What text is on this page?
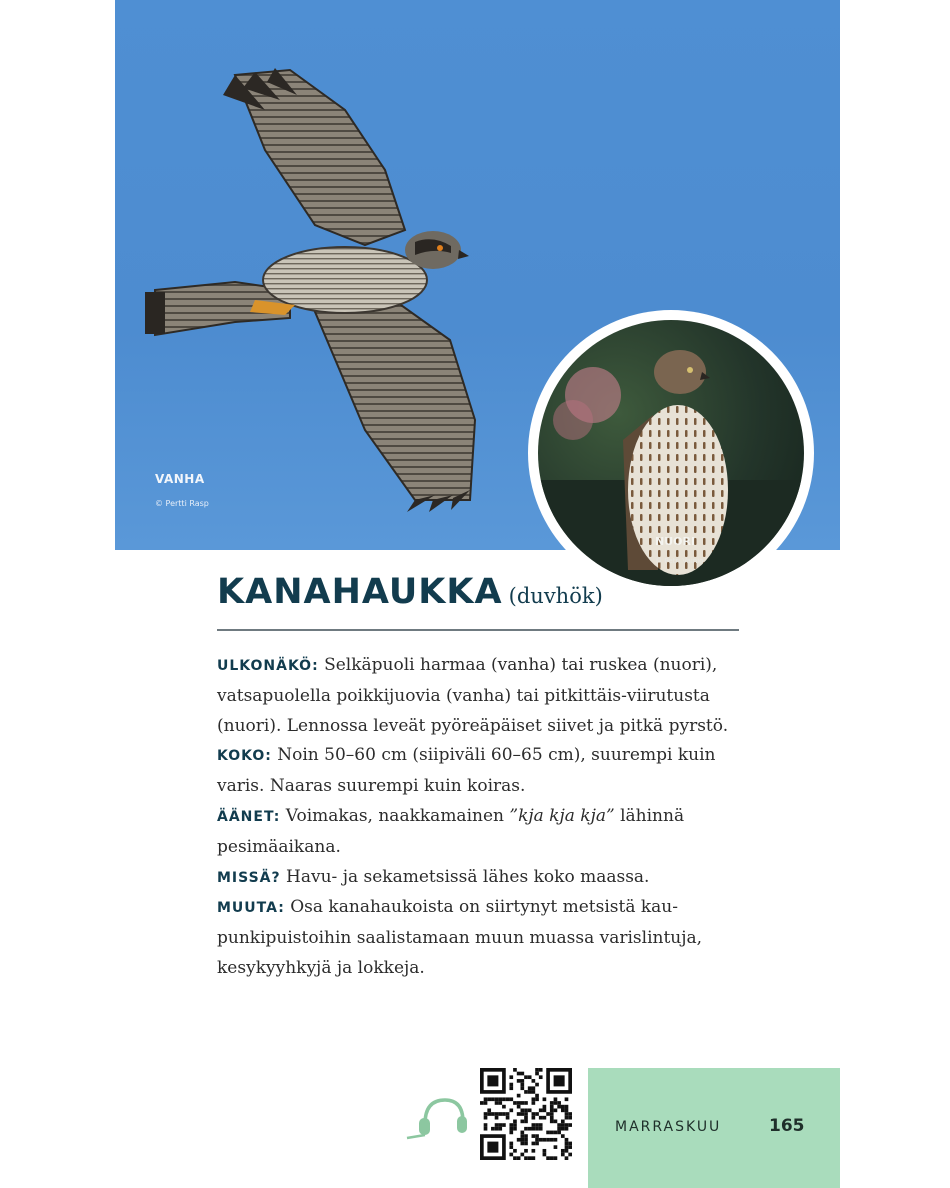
VANHA
© Pertti Rasp
NUORI
© Petri Vainio
KANAHAUKKA (duvhök)

ULKONÄKÖ: Selkäpuoli harmaa (vanha) tai ruskea (nuori), vatsapuolella poikkijuovia (vanha) tai pitkittäis-viirutusta (nuori). Lennossa leveät pyöreäpäiset siivet ja pitkä pyrstö.

KOKO: Noin 50–60 cm (siipiväli 60–65 cm), suurempi kuin varis. Naaras suurempi kuin koiras.

ÄÄNET: Voimakas, naakkamainen ”kja kja kja” lähinnä pesimäaikana.

MISSÄ? Havu- ja sekametsissä lähes koko maassa.

MUUTA: Osa kanahaukoista on siirtynyt metsistä kau-punkipuistoihin saalistamaan muun muassa varislintuja, kesykyyhkyjä ja lokkeja.

MARRASKUU	165
